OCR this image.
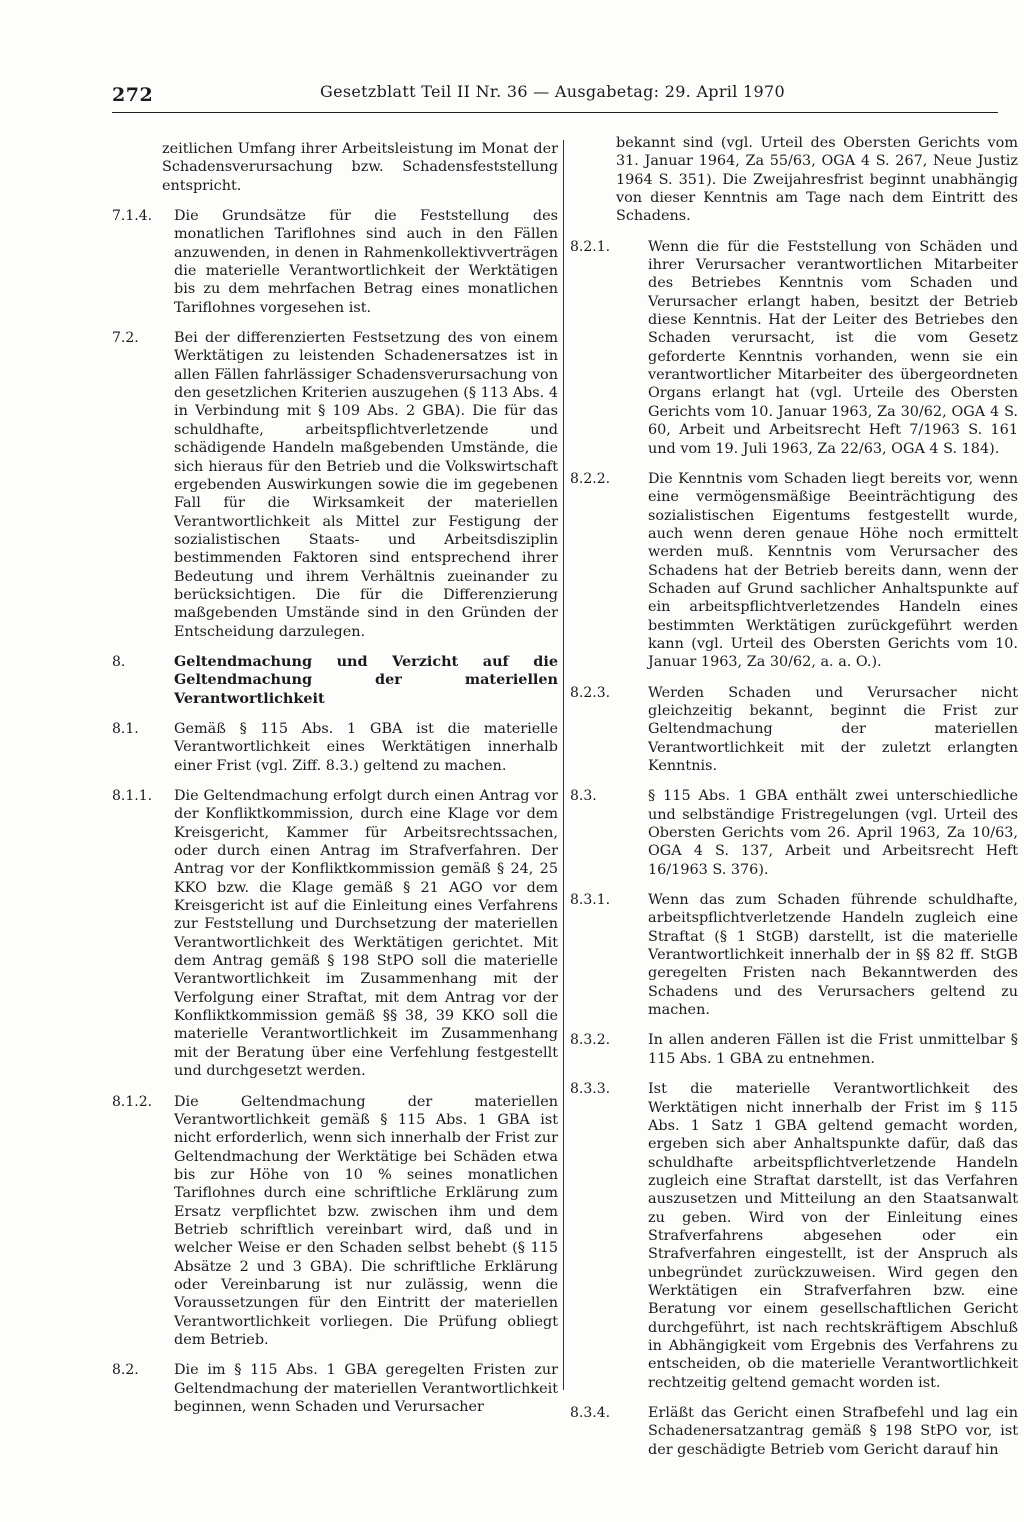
272	Gesetzblatt Teil II Nr. 36 — Ausgabetag: 29. April 1970
zeitlichen Umfang ihrer Arbeitsleistung im Monat der Schadensverursachung bzw. Schadensfeststellung entspricht.
7.1.4. Die Grundsätze für die Feststellung des monatlichen Tariflohnes sind auch in den Fällen anzuwenden, in denen in Rahmenkollektivverträgen die materielle Verantwortlichkeit der Werktätigen bis zu dem mehrfachen Betrag eines monatlichen Tariflohnes vorgesehen ist.
7.2. Bei der differenzierten Festsetzung des von einem Werktätigen zu leistenden Schadenersatzes ist in allen Fällen fahrlässiger Schadensverursachung von den gesetzlichen Kriterien auszugehen (§ 113 Abs. 4 in Verbindung mit § 109 Abs. 2 GBA). Die für das schuldhafte, arbeitspflichtverletzende und schädigende Handeln maßgebenden Umstände, die sich hieraus für den Betrieb und die Volkswirtschaft ergebenden Auswirkungen sowie die im gegebenen Fall für die Wirksamkeit der materiellen Verantwortlichkeit als Mittel zur Festigung der sozialistischen Staats- und Arbeitsdisziplin bestimmenden Faktoren sind entsprechend ihrer Bedeutung und ihrem Verhältnis zueinander zu berücksichtigen. Die für die Differenzierung maßgebenden Umstände sind in den Gründen der Entscheidung darzulegen.
8.	Geltendmachung und Verzicht auf die Geltendmachung der materiellen Verantwortlichkeit
8.1. Gemäß § 115 Abs. 1 GBA ist die materielle Verantwortlichkeit eines Werktätigen innerhalb einer Frist (vgl. Ziff. 8.3.) geltend zu machen.
8.1.1. Die Geltendmachung erfolgt durch einen Antrag vor der Konfliktkommission, durch eine Klage vor dem Kreisgericht, Kammer für Arbeitsrechtssachen, oder durch einen Antrag im Strafverfahren. Der Antrag vor der Konfliktkommission gemäß § 24, 25 KKO bzw. die Klage gemäß § 21 AGO vor dem Kreisgericht ist auf die Einleitung eines Verfahrens zur Feststellung und Durchsetzung der materiellen Verantwortlichkeit des Werktätigen gerichtet. Mit dem Antrag gemäß § 198 StPO soll die materielle Verantwortlichkeit im Zusammenhang mit der Verfolgung einer Straftat, mit dem Antrag vor der Konfliktkommission gemäß §§ 38, 39 KKO soll die materielle Verantwortlichkeit im Zusammenhang mit der Beratung über eine Verfehlung festgestellt und durchgesetzt werden.
8.1.2. Die Geltendmachung der materiellen Verantwortlichkeit gemäß § 115 Abs. 1 GBA ist nicht erforderlich, wenn sich innerhalb der Frist zur Geltendmachung der Werktätige bei Schäden etwa bis zur Höhe von 10 % seines monatlichen Tariflohnes durch eine schriftliche Erklärung zum Ersatz verpflichtet bzw. zwischen ihm und dem Betrieb schriftlich vereinbart wird, daß und in welcher Weise er den Schaden selbst behebt (§ 115 Absätze 2 und 3 GBA). Die schriftliche Erklärung oder Vereinbarung ist nur zulässig, wenn die Voraussetzungen für den Eintritt der materiellen Verantwortlichkeit vorliegen. Die Prüfung obliegt dem Betrieb.
8.2. Die im § 115 Abs. 1 GBA geregelten Fristen zur Geltendmachung der materiellen Verantwortlichkeit beginnen, wenn Schaden und Verursacher
bekannt sind (vgl. Urteil des Obersten Gerichts vom 31. Januar 1964, Za 55/63, OGA 4 S. 267, Neue Justiz 1964 S. 351). Die Zweijahresfrist beginnt unabhängig von dieser Kenntnis am Tage nach dem Eintritt des Schadens.
8.2.1.	Wenn die für die Feststellung von Schäden und ihrer Verursacher verantwortlichen Mitarbeiter des Betriebes Kenntnis vom Schaden und Verursacher erlangt haben, besitzt der Betrieb diese Kenntnis. Hat der Leiter des Betriebes den Schaden verursacht, ist die vom Gesetz geforderte Kenntnis vorhanden, wenn sie ein verantwortlicher Mitarbeiter des übergeordneten Organs erlangt hat (vgl. Urteile des Obersten Gerichts vom 10. Januar 1963, Za 30/62, OGA 4 S. 60, Arbeit und Arbeitsrecht Heft 7/1963 S. 161 und vom 19. Juli 1963, Za 22/63, OGA 4 S. 184).
8.2.2.	Die Kenntnis vom Schaden liegt bereits vor, wenn eine vermögensmäßige Beeinträchtigung des sozialistischen Eigentums festgestellt wurde, auch wenn deren genaue Höhe noch ermittelt werden muß. Kenntnis vom Verursacher des Schadens hat der Betrieb bereits dann, wenn der Schaden auf Grund sachlicher Anhaltspunkte auf ein arbeitspflichtverletzendes Handeln eines bestimmten Werktätigen zurückgeführt werden kann (vgl. Urteil des Obersten Gerichts vom 10. Januar 1963, Za 30/62, a. a. O.).
8.2.3.	Werden Schaden und Verursacher nicht gleichzeitig bekannt, beginnt die Frist zur Geltendmachung der materiellen Verantwortlichkeit mit der zuletzt erlangten Kenntnis.
8.3.	§ 115 Abs. 1 GBA enthält zwei unterschiedliche und selbständige Fristregelungen (vgl. Urteil des Obersten Gerichts vom 26. April 1963, Za 10/63, OGA 4 S. 137, Arbeit und Arbeitsrecht Heft 16/1963 S. 376).
8.3.1.	Wenn das zum Schaden führende schuldhafte, arbeitspflichtverletzende Handeln zugleich eine Straftat (§ 1 StGB) darstellt, ist die materielle Verantwortlichkeit innerhalb der in §§ 82 ff. StGB geregelten Fristen nach Bekanntwerden des Schadens und des Verursachers geltend zu machen.
8.3.2.	In allen anderen Fällen ist die Frist unmittelbar § 115 Abs. 1 GBA zu entnehmen.
8.3.3.	Ist die materielle Verantwortlichkeit des Werktätigen nicht innerhalb der Frist im § 115 Abs. 1 Satz 1 GBA geltend gemacht worden, ergeben sich aber Anhaltspunkte dafür, daß das schuldhafte arbeitspflichtverletzende Handeln zugleich eine Straftat darstellt, ist das Verfahren auszusetzen und Mitteilung an den Staatsanwalt zu geben. Wird von der Einleitung eines Strafverfahrens abgesehen oder ein Strafverfahren eingestellt, ist der Anspruch als unbegründet zurückzuweisen. Wird gegen den Werktätigen ein Strafverfahren bzw. eine Beratung vor einem gesellschaftlichen Gericht durchgeführt, ist nach rechtskräftigem Abschluß in Abhängigkeit vom Ergebnis des Verfahrens zu entscheiden, ob die materielle Verantwortlichkeit rechtzeitig geltend gemacht worden ist.
8.3.4.	Erläßt das Gericht einen Strafbefehl und lag ein Schadenersatzantrag gemäß § 198 StPO vor, ist der geschädigte Betrieb vom Gericht darauf hin
